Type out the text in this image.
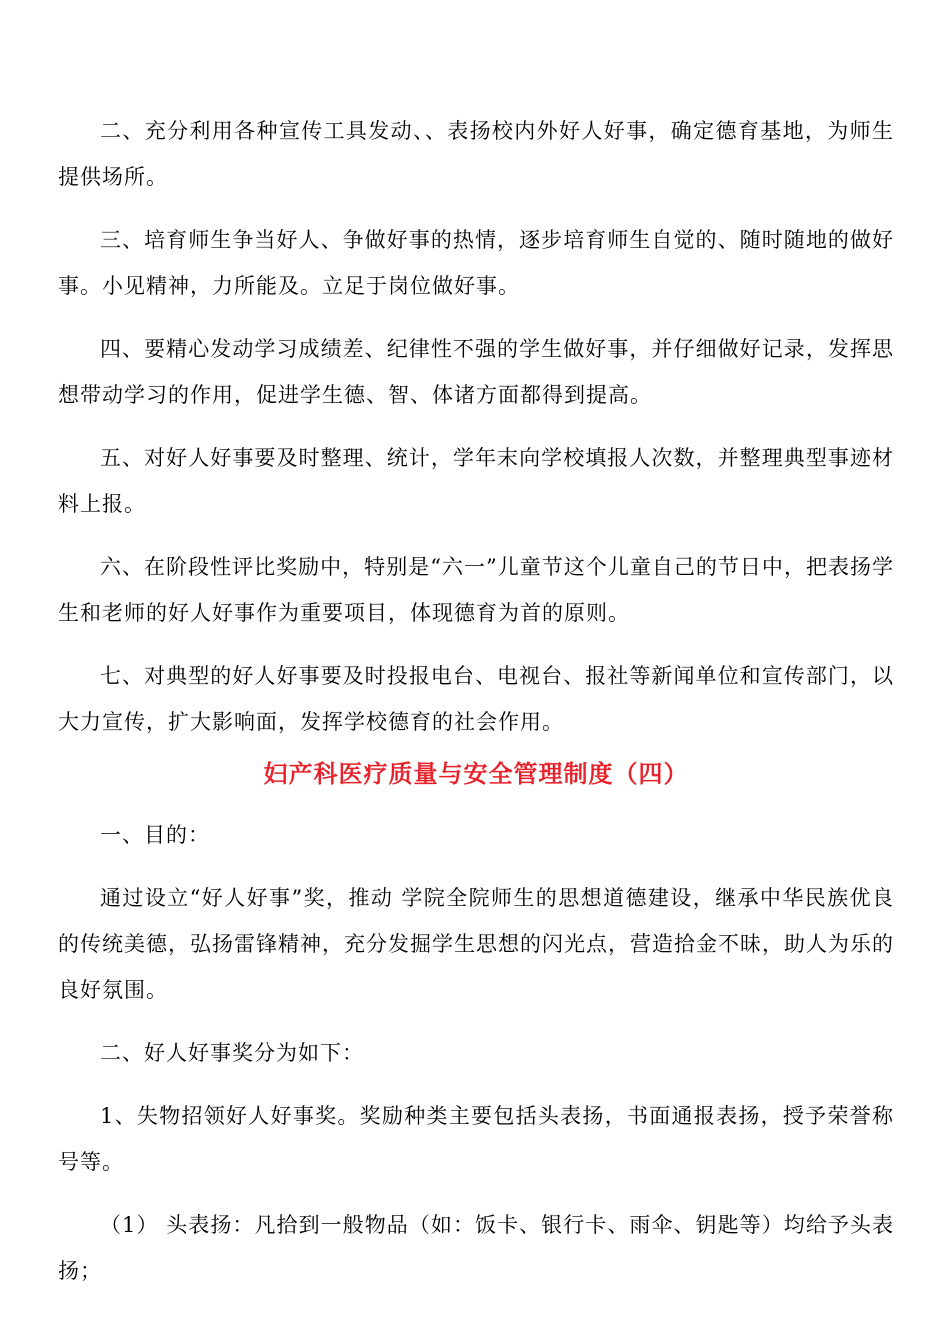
二、充分利用各种宣传工具发动、、表扬校内外好人好事，确定德育基地，为师生提供场所。

三、培育师生争当好人、争做好事的热情，逐步培育师生自觉的、随时随地的做好事。小见精神，力所能及。立足于岗位做好事。

四、要精心发动学习成绩差、纪律性不强的学生做好事，并仔细做好记录，发挥思想带动学习的作用，促进学生德、智、体诸方面都得到提高。

五、对好人好事要及时整理、统计，学年末向学校填报人次数，并整理典型事迹材料上报。

六、在阶段性评比奖励中，特别是“六一”儿童节这个儿童自己的节日中，把表扬学生和老师的好人好事作为重要项目，体现德育为首的原则。

七、对典型的好人好事要及时投报电台、电视台、报社等新闻单位和宣传部门，以大力宣传，扩大影响面，发挥学校德育的社会作用。

妇产科医疗质量与安全管理制度（四）

一、目的：

通过设立“好人好事”奖，推动 学院全院师生的思想道德建设，继承中华民族优良的传统美德，弘扬雷锋精神，充分发掘学生思想的闪光点，营造拾金不昧，助人为乐的良好氛围。

二、好人好事奖分为如下：

1、失物招领好人好事奖。奖励种类主要包括头表扬，书面通报表扬，授予荣誉称号等。

（1） 头表扬：凡拾到一般物品（如：饭卡、银行卡、雨伞、钥匙等）均给予头表扬；
